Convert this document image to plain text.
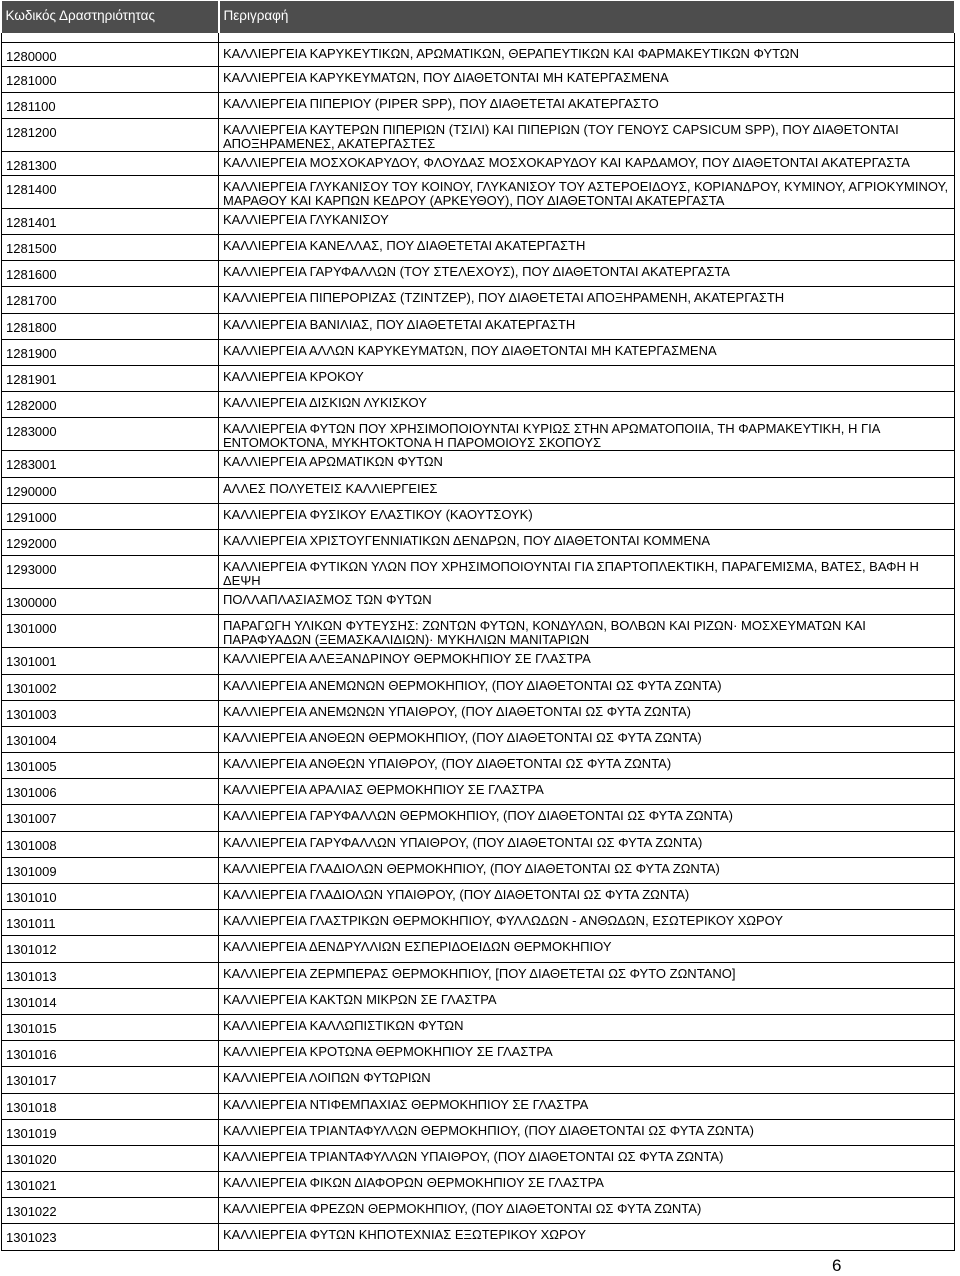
Κωδικός Δραστηριότητας	Περιγραφή

1280000	ΚΑΛΛΙΕΡΓΕΙΑ ΚΑΡΥΚΕΥΤΙΚΩΝ, ΑΡΩΜΑΤΙΚΩΝ, ΘΕΡΑΠΕΥΤΙΚΩΝ ΚΑΙ ΦΑΡΜΑΚΕΥΤΙΚΩΝ ΦΥΤΩΝ
1281000	ΚΑΛΛΙΕΡΓΕΙΑ ΚΑΡΥΚΕΥΜΑΤΩΝ, ΠΟΥ ΔΙΑΘΕΤΟΝΤΑΙ ΜΗ ΚΑΤΕΡΓΑΣΜΕΝΑ
1281100	ΚΑΛΛΙΕΡΓΕΙΑ ΠΙΠΕΡΙΟΥ (PIPER SPP), ΠΟΥ ΔΙΑΘΕΤΕΤΑΙ ΑΚΑΤΕΡΓΑΣΤΟ
1281200	ΚΑΛΛΙΕΡΓΕΙΑ ΚΑΥΤΕΡΩΝ ΠΙΠΕΡΙΩΝ (ΤΣΙΛΙ) ΚΑΙ ΠΙΠΕΡΙΩΝ (ΤΟΥ ΓΕΝΟΥΣ CAPSICUM SPP), ΠΟΥ ΔΙΑΘΕΤΟΝΤΑΙ ΑΠΟΞΗΡΑΜΕΝΕΣ, ΑΚΑΤΕΡΓΑΣΤΕΣ
1281300	ΚΑΛΛΙΕΡΓΕΙΑ ΜΟΣΧΟΚΑΡΥΔΟΥ, ΦΛΟΥΔΑΣ ΜΟΣΧΟΚΑΡΥΔΟΥ ΚΑΙ ΚΑΡΔΑΜΟΥ, ΠΟΥ ΔΙΑΘΕΤΟΝΤΑΙ ΑΚΑΤΕΡΓΑΣΤΑ
1281400	ΚΑΛΛΙΕΡΓΕΙΑ ΓΛΥΚΑΝΙΣΟΥ ΤΟΥ ΚΟΙΝΟΥ, ΓΛΥΚΑΝΙΣΟΥ ΤΟΥ ΑΣΤΕΡΟΕΙΔΟΥΣ, ΚΟΡΙΑΝΔΡΟΥ, ΚΥΜΙΝΟΥ, ΑΓΡΙΟΚΥΜΙΝΟΥ, ΜΑΡΑΘΟΥ ΚΑΙ ΚΑΡΠΩΝ ΚΕΔΡΟΥ (ΑΡΚΕΥΘΟΥ), ΠΟΥ ΔΙΑΘΕΤΟΝΤΑΙ ΑΚΑΤΕΡΓΑΣΤΑ
1281401	ΚΑΛΛΙΕΡΓΕΙΑ ΓΛΥΚΑΝΙΣΟΥ
1281500	ΚΑΛΛΙΕΡΓΕΙΑ ΚΑΝΕΛΛΑΣ, ΠΟΥ ΔΙΑΘΕΤΕΤΑΙ ΑΚΑΤΕΡΓΑΣΤΗ
1281600	ΚΑΛΛΙΕΡΓΕΙΑ ΓΑΡΥΦΑΛΛΩΝ (ΤΟΥ ΣΤΕΛΕΧΟΥΣ), ΠΟΥ ΔΙΑΘΕΤΟΝΤΑΙ ΑΚΑΤΕΡΓΑΣΤΑ
1281700	ΚΑΛΛΙΕΡΓΕΙΑ ΠΙΠΕΡΟΡΙΖΑΣ (ΤΖΙΝΤΖΕΡ), ΠΟΥ ΔΙΑΘΕΤΕΤΑΙ ΑΠΟΞΗΡΑΜΕΝΗ, ΑΚΑΤΕΡΓΑΣΤΗ
1281800	ΚΑΛΛΙΕΡΓΕΙΑ ΒΑΝΙΛΙΑΣ, ΠΟΥ ΔΙΑΘΕΤΕΤΑΙ ΑΚΑΤΕΡΓΑΣΤΗ
1281900	ΚΑΛΛΙΕΡΓΕΙΑ ΑΛΛΩΝ ΚΑΡΥΚΕΥΜΑΤΩΝ, ΠΟΥ ΔΙΑΘΕΤΟΝΤΑΙ ΜΗ ΚΑΤΕΡΓΑΣΜΕΝΑ
1281901	ΚΑΛΛΙΕΡΓΕΙΑ ΚΡΟΚΟΥ
1282000	ΚΑΛΛΙΕΡΓΕΙΑ ΔΙΣΚΙΩΝ ΛΥΚΙΣΚΟΥ
1283000	ΚΑΛΛΙΕΡΓΕΙΑ ΦΥΤΩΝ ΠΟΥ ΧΡΗΣΙΜΟΠΟΙΟΥΝΤΑΙ ΚΥΡΙΩΣ ΣΤΗΝ ΑΡΩΜΑΤΟΠΟΙΙΑ, ΤΗ ΦΑΡΜΑΚΕΥΤΙΚΗ, Η ΓΙΑ ΕΝΤΟΜΟΚΤΟΝΑ, ΜΥΚΗΤΟΚΤΟΝΑ Η ΠΑΡΟΜΟΙΟΥΣ ΣΚΟΠΟΥΣ
1283001	ΚΑΛΛΙΕΡΓΕΙΑ ΑΡΩΜΑΤΙΚΩΝ ΦΥΤΩΝ
1290000	ΑΛΛΕΣ ΠΟΛΥΕΤΕΙΣ ΚΑΛΛΙΕΡΓΕΙΕΣ
1291000	ΚΑΛΛΙΕΡΓΕΙΑ ΦΥΣΙΚΟΥ ΕΛΑΣΤΙΚΟΥ (ΚΑΟΥΤΣΟΥΚ)
1292000	ΚΑΛΛΙΕΡΓΕΙΑ ΧΡΙΣΤΟΥΓΕΝΝΙΑΤΙΚΩΝ ΔΕΝΔΡΩΝ, ΠΟΥ ΔΙΑΘΕΤΟΝΤΑΙ ΚΟΜΜΕΝΑ
1293000	ΚΑΛΛΙΕΡΓΕΙΑ ΦΥΤΙΚΩΝ ΥΛΩΝ ΠΟΥ ΧΡΗΣΙΜΟΠΟΙΟΥΝΤΑΙ ΓΙΑ ΣΠΑΡΤΟΠΛΕΚΤΙΚΗ, ΠΑΡΑΓΕΜΙΣΜΑ, ΒΑΤΕΣ, ΒΑΦΗ Η ΔΕΨΗ
1300000	ΠΟΛΛΑΠΛΑΣΙΑΣΜΟΣ ΤΩΝ ΦΥΤΩΝ
1301000	ΠΑΡΑΓΩΓΗ ΥΛΙΚΩΝ ΦΥΤΕΥΣΗΣ: ΖΩΝΤΩΝ ΦΥΤΩΝ, ΚΟΝΔΥΛΩΝ, ΒΟΛΒΩΝ ΚΑΙ ΡΙΖΩΝ· ΜΟΣΧΕΥΜΑΤΩΝ ΚΑΙ ΠΑΡΑΦΥΑΔΩΝ (ΞΕΜΑΣΚΑΛΙΔΙΩΝ)· ΜΥΚΗΛΙΩΝ ΜΑΝΙΤΑΡΙΩΝ
1301001	ΚΑΛΛΙΕΡΓΕΙΑ ΑΛΕΞΑΝΔΡΙΝΟΥ ΘΕΡΜΟΚΗΠΙΟΥ ΣΕ ΓΛΑΣΤΡΑ
1301002	ΚΑΛΛΙΕΡΓΕΙΑ ΑΝΕΜΩΝΩΝ ΘΕΡΜΟΚΗΠΙΟΥ, (ΠΟΥ ΔΙΑΘΕΤΟΝΤΑΙ ΩΣ ΦΥΤΑ ΖΩΝΤΑ)
1301003	ΚΑΛΛΙΕΡΓΕΙΑ ΑΝΕΜΩΝΩΝ ΥΠΑΙΘΡΟΥ, (ΠΟΥ ΔΙΑΘΕΤΟΝΤΑΙ ΩΣ ΦΥΤΑ ΖΩΝΤΑ)
1301004	ΚΑΛΛΙΕΡΓΕΙΑ ΑΝΘΕΩΝ ΘΕΡΜΟΚΗΠΙΟΥ, (ΠΟΥ ΔΙΑΘΕΤΟΝΤΑΙ ΩΣ ΦΥΤΑ ΖΩΝΤΑ)
1301005	ΚΑΛΛΙΕΡΓΕΙΑ ΑΝΘΕΩΝ ΥΠΑΙΘΡΟΥ, (ΠΟΥ ΔΙΑΘΕΤΟΝΤΑΙ ΩΣ ΦΥΤΑ ΖΩΝΤΑ)
1301006	ΚΑΛΛΙΕΡΓΕΙΑ ΑΡΑΛΙΑΣ ΘΕΡΜΟΚΗΠΙΟΥ ΣΕ ΓΛΑΣΤΡΑ
1301007	ΚΑΛΛΙΕΡΓΕΙΑ ΓΑΡΥΦΑΛΛΩΝ ΘΕΡΜΟΚΗΠΙΟΥ, (ΠΟΥ ΔΙΑΘΕΤΟΝΤΑΙ ΩΣ ΦΥΤΑ ΖΩΝΤΑ)
1301008	ΚΑΛΛΙΕΡΓΕΙΑ ΓΑΡΥΦΑΛΛΩΝ ΥΠΑΙΘΡΟΥ, (ΠΟΥ ΔΙΑΘΕΤΟΝΤΑΙ ΩΣ ΦΥΤΑ ΖΩΝΤΑ)
1301009	ΚΑΛΛΙΕΡΓΕΙΑ ΓΛΑΔΙΟΛΩΝ ΘΕΡΜΟΚΗΠΙΟΥ, (ΠΟΥ ΔΙΑΘΕΤΟΝΤΑΙ ΩΣ ΦΥΤΑ ΖΩΝΤΑ)
1301010	ΚΑΛΛΙΕΡΓΕΙΑ ΓΛΑΔΙΟΛΩΝ ΥΠΑΙΘΡΟΥ, (ΠΟΥ ΔΙΑΘΕΤΟΝΤΑΙ ΩΣ ΦΥΤΑ ΖΩΝΤΑ)
1301011	ΚΑΛΛΙΕΡΓΕΙΑ ΓΛΑΣΤΡΙΚΩΝ ΘΕΡΜΟΚΗΠΙΟΥ, ΦΥΛΛΩΔΩΝ - ΑΝΘΩΔΩΝ, ΕΣΩΤΕΡΙΚΟΥ ΧΩΡΟΥ
1301012	ΚΑΛΛΙΕΡΓΕΙΑ ΔΕΝΔΡΥΛΛΙΩΝ ΕΣΠΕΡΙΔΟΕΙΔΩΝ ΘΕΡΜΟΚΗΠΙΟΥ
1301013	ΚΑΛΛΙΕΡΓΕΙΑ ΖΕΡΜΠΕΡΑΣ ΘΕΡΜΟΚΗΠΙΟΥ, [ΠΟΥ ΔΙΑΘΕΤΕΤΑΙ ΩΣ ΦΥΤΟ ΖΩΝΤΑΝΟ]
1301014	ΚΑΛΛΙΕΡΓΕΙΑ ΚΑΚΤΩΝ ΜΙΚΡΩΝ ΣΕ ΓΛΑΣΤΡΑ
1301015	ΚΑΛΛΙΕΡΓΕΙΑ ΚΑΛΛΩΠΙΣΤΙΚΩΝ ΦΥΤΩΝ
1301016	ΚΑΛΛΙΕΡΓΕΙΑ ΚΡΟΤΩΝΑ ΘΕΡΜΟΚΗΠΙΟΥ ΣΕ ΓΛΑΣΤΡΑ
1301017	ΚΑΛΛΙΕΡΓΕΙΑ ΛΟΙΠΩΝ ΦΥΤΩΡΙΩΝ
1301018	ΚΑΛΛΙΕΡΓΕΙΑ ΝΤΙΦΕΜΠΑΧΙΑΣ ΘΕΡΜΟΚΗΠΙΟΥ ΣΕ ΓΛΑΣΤΡΑ
1301019	ΚΑΛΛΙΕΡΓΕΙΑ ΤΡΙΑΝΤΑΦΥΛΛΩΝ ΘΕΡΜΟΚΗΠΙΟΥ, (ΠΟΥ ΔΙΑΘΕΤΟΝΤΑΙ ΩΣ ΦΥΤΑ ΖΩΝΤΑ)
1301020	ΚΑΛΛΙΕΡΓΕΙΑ ΤΡΙΑΝΤΑΦΥΛΛΩΝ ΥΠΑΙΘΡΟΥ, (ΠΟΥ ΔΙΑΘΕΤΟΝΤΑΙ ΩΣ ΦΥΤΑ ΖΩΝΤΑ)
1301021	ΚΑΛΛΙΕΡΓΕΙΑ ΦΙΚΩΝ ΔΙΑΦΟΡΩΝ ΘΕΡΜΟΚΗΠΙΟΥ ΣΕ ΓΛΑΣΤΡΑ
1301022	ΚΑΛΛΙΕΡΓΕΙΑ ΦΡΕΖΩΝ ΘΕΡΜΟΚΗΠΙΟΥ, (ΠΟΥ ΔΙΑΘΕΤΟΝΤΑΙ ΩΣ ΦΥΤΑ ΖΩΝΤΑ)
1301023	ΚΑΛΛΙΕΡΓΕΙΑ ΦΥΤΩΝ ΚΗΠΟΤΕΧΝΙΑΣ ΕΞΩΤΕΡΙΚΟΥ ΧΩΡΟΥ
6
